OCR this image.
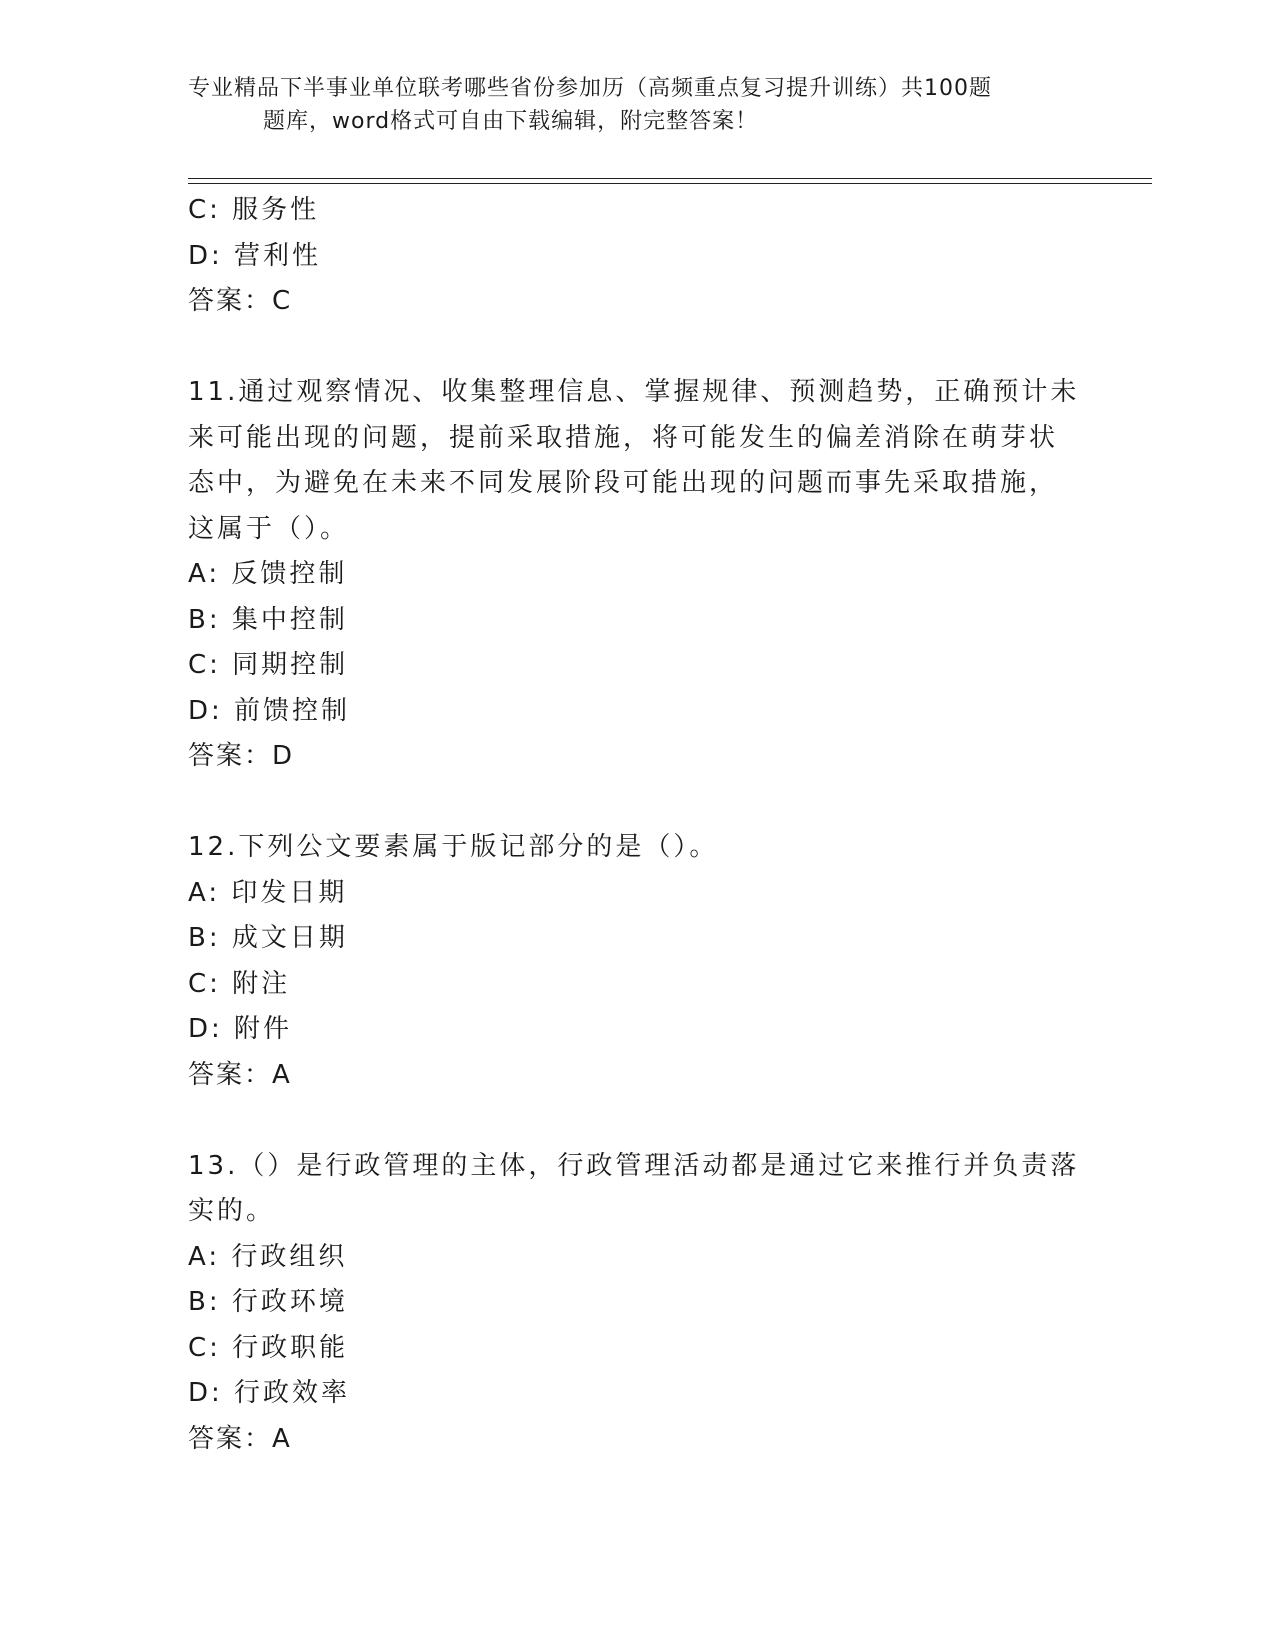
专业精品下半事业单位联考哪些省份参加历（高频重点复习提升训练）共100题
题库，word格式可自由下载编辑，附完整答案！
C: 服务性
D: 营利性
答案：C
11.通过观察情况、收集整理信息、掌握规律、预测趋势，正确预计未
来可能出现的问题，提前采取措施，将可能发生的偏差消除在萌芽状
态中，为避免在未来不同发展阶段可能出现的问题而事先采取措施，
这属于（）。
A: 反馈控制
B: 集中控制
C: 同期控制
D: 前馈控制
答案：D
12.下列公文要素属于版记部分的是（）。
A: 印发日期
B: 成文日期
C: 附注
D: 附件
答案：A
13.（）是行政管理的主体，行政管理活动都是通过它来推行并负责落
实的。
A: 行政组织
B: 行政环境
C: 行政职能
D: 行政效率
答案：A
